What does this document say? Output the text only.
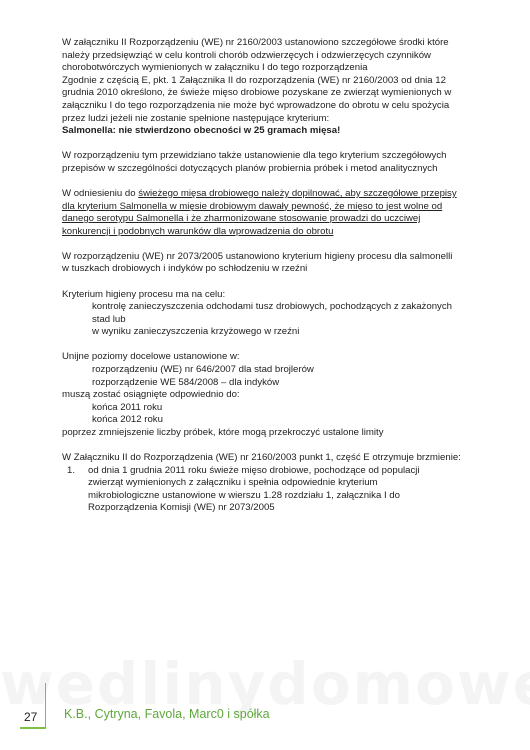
W załączniku II Rozporządzeniu (WE) nr 2160/2003 ustanowiono szczegółowe środki które

należy przedsięwziąć w celu kontroli chorób odzwierzęcych i odzwierzęcych czynników

chorobotwórczych wymienionych w załączniku I do tego rozporządzenia

Zgodnie z częścią E, pkt. 1 Załącznika II do rozporządzenia (WE) nr 2160/2003 od dnia 12

grudnia 2010 określono, że świeże mięso drobiowe pozyskane ze zwierząt wymienionych w

załączniku I do tego rozporządzenia nie może być wprowadzone do obrotu w celu spożycia

przez ludzi jeżeli nie zostanie spełnione następujące kryterium:

Salmonella: nie stwierdzono obecności w 25 gramach mięsa!

W rozporządzeniu tym przewidziano także ustanowienie dla tego kryterium szczegółowych

przepisów w szczególności dotyczących planów probiernia próbek i metod analitycznych

W odniesieniu do świeżego mięsa drobiowego należy dopilnować, aby szczegółowe przepisy

dla kryterium Salmonella w mięsie drobiowym dawały pewność, że mięso to jest wolne od

danego serotypu Salmonella i że zharmonizowane stosowanie prowadzi do uczciwej

konkurencji i podobnych warunków dla wprowadzenia do obrotu

W rozporządzeniu (WE) nr 2073/2005 ustanowiono kryterium higieny procesu dla salmonelli

w tuszkach drobiowych i indyków po schłodzeniu w rzeźni

Kryterium higieny procesu ma na celu:

kontrolę zanieczyszczenia odchodami tusz drobiowych, pochodzących z zakażonych

stad lub

w wyniku zanieczyszczenia krzyżowego w rzeźni

Unijne poziomy docelowe ustanowione w:

rozporządzeniu (WE) nr 646/2007 dla stad brojlerów

rozporządzenie WE 584/2008 – dla indyków

muszą zostać osiągnięte odpowiednio do:

końca 2011 roku

końca 2012 roku

poprzez zmniejszenie liczby próbek, które mogą przekroczyć ustalone limity

W Załączniku II do Rozporządzenia (WE) nr 2160/2003 punkt 1, część E otrzymuje brzmienie:

1.	od dnia 1 grudnia 2011 roku świeże mięso drobiowe, pochodzące od populacji

zwierząt wymienionych z załączniku i spełnia odpowiednie kryterium

mikrobiologiczne ustanowione w wierszu 1.28 rozdziału 1, załącznika I do

Rozporządzenia Komisji (WE) nr 2073/2005

27 K.B., Cytryna, Favola, Marc0 i spółka
